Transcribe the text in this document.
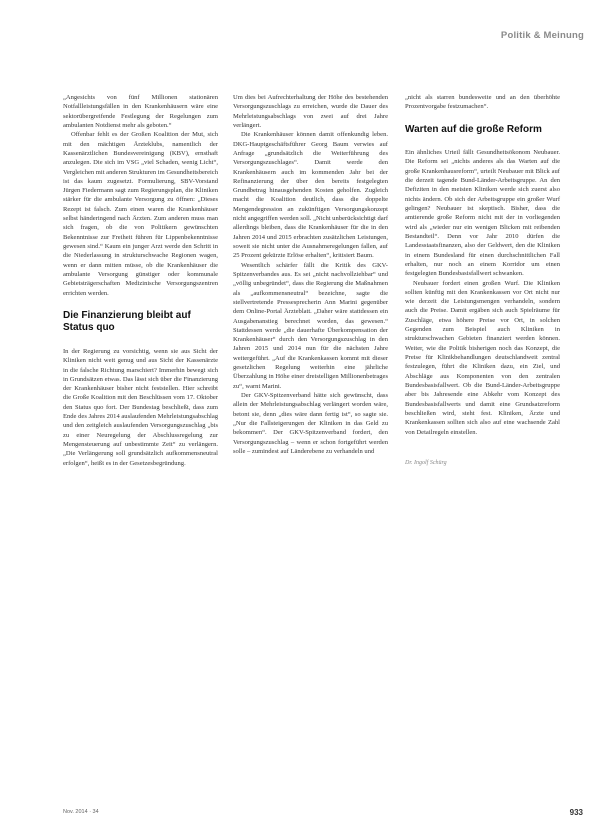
Politik & Meinung

„Angesichts von fünf Millionen stationären Notfallleistungsfällen in den Krankenhäusern wäre eine sektorübergreifende Festlegung der Regelungen zum ambulanten Notdienst mehr als geboten.“

Offenbar fehlt es der Großen Koalition der Mut, sich mit den mächtigen Ärzteklubs, namentlich der Kassenärztlichen Bundesvereinigung (KBV), ernsthaft anzulegen. Die sich im VSG „viel Schaden, wenig Licht“, Vergleichen mit anderen Strukturen im Gesundheitsbereich ist das kaum zugesetzt. Formulierung, SBV-Vorstand Jürgen Fiedermann sagt zum Regierungsplan, die Kliniken stärker für die ambulante Versorgung zu öffnen: „Dieses Rezept ist falsch. Zum einen waren die Krankenhäuser selbst händeringend nach Ärzten. Zum anderen muss man sich fragen, ob die von Politikern gewünschten Bekenntnisse zur Freiheit führen für Lippenbekenntnisse gewesen sind.“ Kaum ein junger Arzt werde den Schritt in die Niederlassung in strukturschwache Regionen wagen, wenn er dann mitten müsse, ob die Krankenhäuser die ambulante Versorgung günstiger oder kommunale Gebietsträgerschaften Medizinische Versorgungszentren errichten werden.

Die Finanzierung bleibt auf Status quo

In der Regierung zu vorsichtig, wenn sie aus Sicht der Kliniken nicht weit genug und aus Sicht der Kassenärzte in die falsche Richtung marschiert? Immerhin bewegt sich in Grundsätzen etwas. Das lässt sich über die Finanzierung der Krankenhäuser bisher nicht feststellen. Hier schreibt die Große Koalition mit den Beschlüssen vom 17. Oktober den Status quo fort. Der Bundestag beschließt, dass zum Ende des Jahres 2014 auslaufenden Mehrleistungsabschlag und den zeitgleich auslaufenden Versorgungszuschlag „bis zu einer Neuregelung der Abschlussregelung zur Mengensteuerung auf unbestimmte Zeit“ zu verlängern. „Die Verlängerung soll grundsätzlich aufkommensneutral erfolgen“, heißt es in der Gesetzesbegründung.

Um dies bei Aufrechterhaltung der Höhe des bestehenden Versorgungszuschlags zu erreichen, wurde die Dauer des Mehrleistungsabschlags von zwei auf drei Jahre verlängert.

Die Krankenhäuser können damit offenkundig leben. DKG-Hauptgeschäftsführer Georg Baum verwies auf Anfrage „grundsätzlich die Weiterführung des Versorgungszuschlages“. Damit werde den Krankenhäusern auch im kommenden Jahr bei der Refinanzierung der über den bereits festgelegten Grundbetrag hinausgehenden Kosten geholfen. Zugleich macht die Koalition deutlich, dass die doppelte Mengendegression an zukünftigen Versorgungskonzept nicht angegriffen werden soll. „Nicht unberücksichtigt darf allerdings bleiben, dass die Krankenhäuser für die in den Jahren 2014 und 2015 erbrachten zusätzlichen Leistungen, soweit sie nicht unter die Ausnahmeregelungen fallen, auf 25 Prozent gekürzte Erlöse erhalten“, kritisiert Baum.

Wesentlich schärfer fällt die Kritik des GKV-Spitzenverbandes aus. Es sei „nicht nachvollziehbar“ und „völlig unbegründet“, dass die Regierung die Maßnahmen als „aufkommensneutral“ bezeichne, sagte die stellvertretende Pressesprecherin Ann Marini gegenüber dem Online-Portal Ärzteblatt. „Daher wäre stattdessen ein Ausgabenanstieg berechnet worden, das gewesen.“ Stattdessen werde „die dauerhafte Überkompensation der Krankenhäuser“ durch den Versorgungszuschlag in den Jahren 2015 und 2014 nun für die nächsten Jahre weitergeführt. „Auf die Krankenkassen kommt mit dieser gesetzlichen Regelung weiterhin eine jährliche Überzahlung in Höhe einer dreistelligen Millionenbetrages zu“, warnt Marini.

Der GKV-Spitzenverband hätte sich gewünscht, dass allein der Mehrleistungsabschlag verlängert worden wäre, betont sie, denn „dies wäre dann fertig ist“, so sagte sie. „Nur die Fallsteigerungen der Kliniken in das Geld zu bekommen“. Der GKV-Spitzenverband fordert, den Versorgungszuschlag – wenn er schon fortgeführt werden solle – zumindest auf Länderebene zu verhandeln und

„nicht als starren bundesweite und an den überhöhte Prozentvorgabe festzumachen“.

Warten auf die große Reform

Ein ähnliches Urteil fällt Gesundheitsökonom Neubauer. Die Reform sei „nichts anderes als das Warten auf die große Krankenhausreform“, urteilt Neubauer mit Blick auf die derzeit tagende Bund-Länder-Arbeitsgruppe. An den Defiziten in den meisten Kliniken werde sich zuerst also nichts ändern. Ob sich der Arbeitsgruppe ein großer Wurf gelingen? Neubauer ist skeptisch. Bisher, dass die amtierende große Reform nicht mit der in vorliegenden wird als „wieder nur ein wenigen Blicken mit reibenden Bestandteil“. Denn vor Jahr 2010 dürfen die Landesstaatsfinanzen, also der Geldwert, den die Kliniken in einem Bundesland für einen durchschnittlichen Fall erhalten, nur noch an einem Korridor um einen festgelegten Bundesbasisfallwert schwanken.

Neubauer fordert einen großen Wurf. Die Kliniken sollten künftig mit den Krankenkassen vor Ort nicht nur wie derzeit die Leistungsmengen verhandeln, sondern auch die Preise. Damit ergäben sich auch Spielräume für Zuschläge, etwa höhere Preise vor Ort, in solchen Gegenden zum Beispiel auch Kliniken in strukturschwachen Gebieten finanziert werden können. Weiter, wie die Politik bisherigen noch das Konzept, die Preise für Klinikbehandlungen deutschlandweit zentral festzulegen, führt die Kliniken dazu, ein Ziel, und Abschläge aus Komponenten von den zentralen Bundesbasisfallwert. Ob die Bund-Länder-Arbeitsgruppe aber bis Jahresende eine Abkehr vom Konzept des Bundesbasisfallwerts und damit eine Grundsatzreform beschließen wird, steht fest. Kliniken, Ärzte und Krankenkassen sollten sich also auf eine wachsende Zahl von Detailregeln einstellen.

Dr. Ingolf Schürg
Nov. 2014 · 34	933
